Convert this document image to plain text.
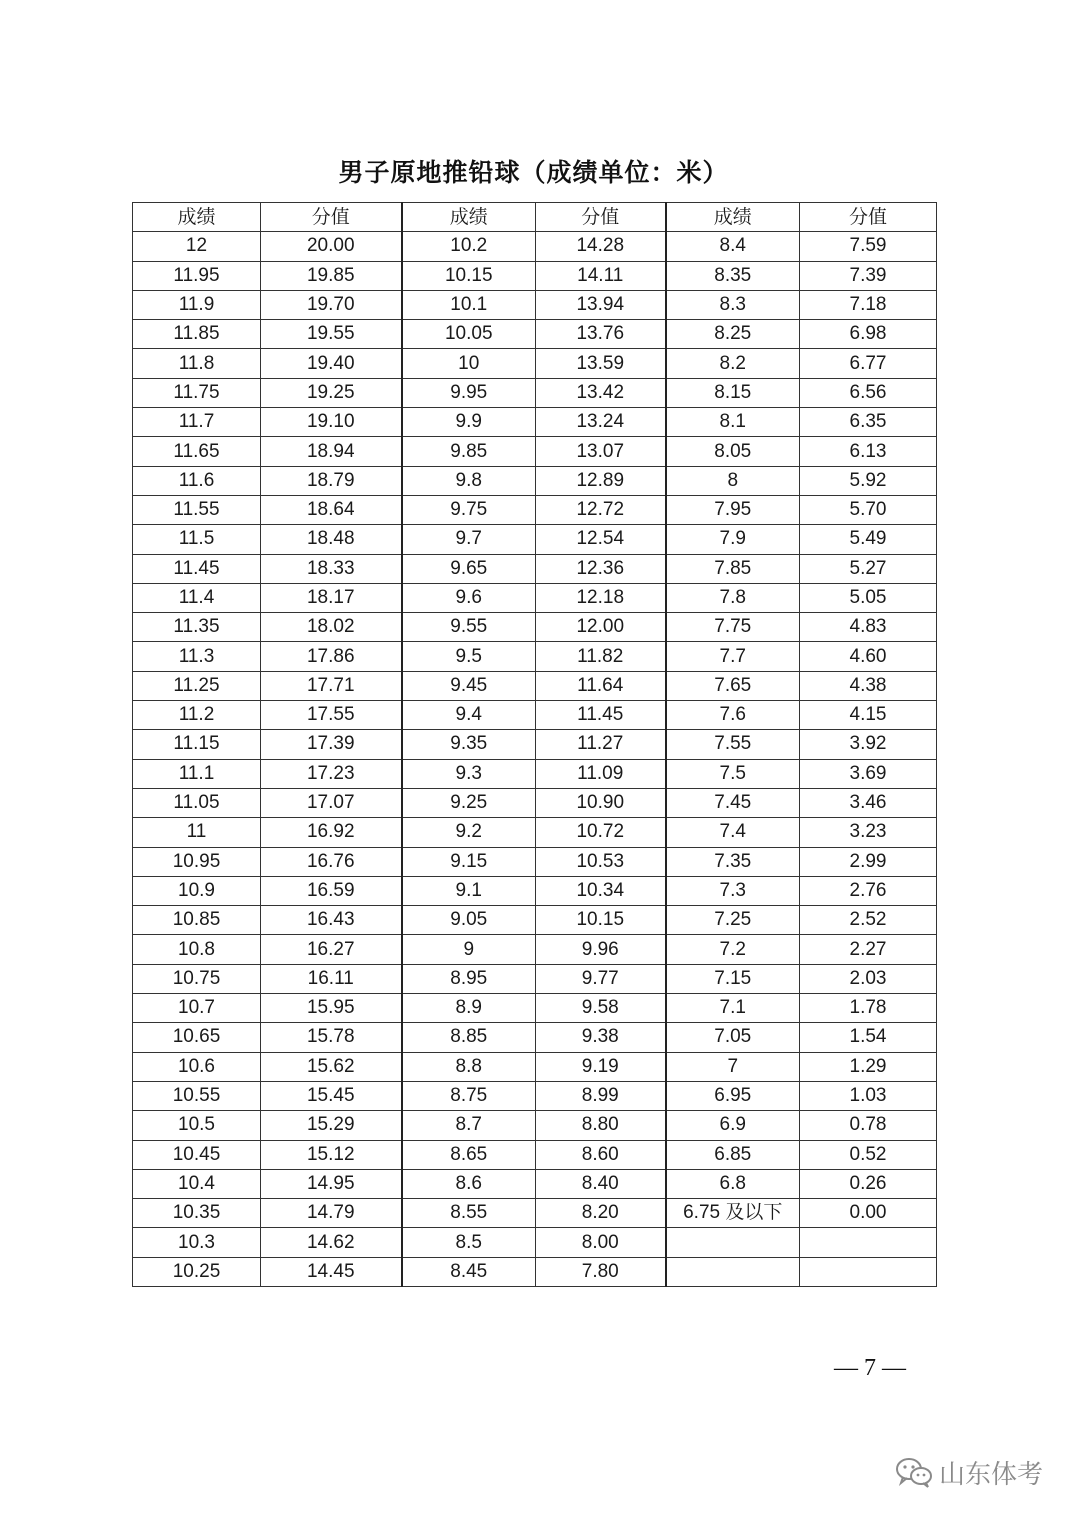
男子原地推铅球（成绩单位：米）
成绩	分值	成绩	分值	成绩	分值
12	20.00	10.2	14.28	8.4	7.59
11.95	19.85	10.15	14.11	8.35	7.39
11.9	19.70	10.1	13.94	8.3	7.18
11.85	19.55	10.05	13.76	8.25	6.98
11.8	19.40	10	13.59	8.2	6.77
11.75	19.25	9.95	13.42	8.15	6.56
11.7	19.10	9.9	13.24	8.1	6.35
11.65	18.94	9.85	13.07	8.05	6.13
11.6	18.79	9.8	12.89	8	5.92
11.55	18.64	9.75	12.72	7.95	5.70
11.5	18.48	9.7	12.54	7.9	5.49
11.45	18.33	9.65	12.36	7.85	5.27
11.4	18.17	9.6	12.18	7.8	5.05
11.35	18.02	9.55	12.00	7.75	4.83
11.3	17.86	9.5	11.82	7.7	4.60
11.25	17.71	9.45	11.64	7.65	4.38
11.2	17.55	9.4	11.45	7.6	4.15
11.15	17.39	9.35	11.27	7.55	3.92
11.1	17.23	9.3	11.09	7.5	3.69
11.05	17.07	9.25	10.90	7.45	3.46
11	16.92	9.2	10.72	7.4	3.23
10.95	16.76	9.15	10.53	7.35	2.99
10.9	16.59	9.1	10.34	7.3	2.76
10.85	16.43	9.05	10.15	7.25	2.52
10.8	16.27	9	9.96	7.2	2.27
10.75	16.11	8.95	9.77	7.15	2.03
10.7	15.95	8.9	9.58	7.1	1.78
10.65	15.78	8.85	9.38	7.05	1.54
10.6	15.62	8.8	9.19	7	1.29
10.55	15.45	8.75	8.99	6.95	1.03
10.5	15.29	8.7	8.80	6.9	0.78
10.45	15.12	8.65	8.60	6.85	0.52
10.4	14.95	8.6	8.40	6.8	0.26
10.35	14.79	8.55	8.20	6.75 及以下	0.00
10.3	14.62	8.5	8.00		
10.25	14.45	8.45	7.80		
— 7 —
山东体考
